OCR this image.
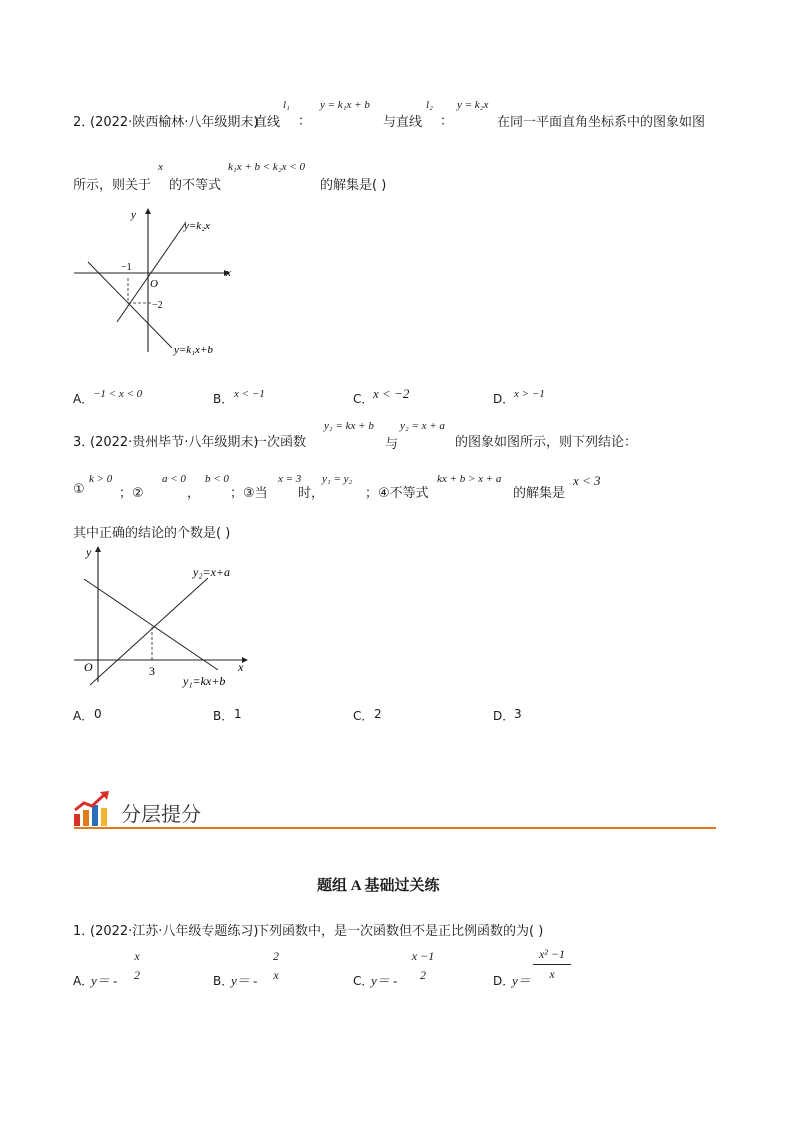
2．
(2022·陕西榆林·八年级期末)
直线
l₁
：
y = k₁x + b
与直线
l₂
：
y = k₂x
在同一平面直角坐标系中的图象如图
所示，则关于
x
的不等式
k₁x + b < k₂x < 0
的解集是( )
y
x
O
−1
−2
y=k₂x
y=k₁x+b
A． −1 < x < 0	B． x < −1	C． x < −2	D． x > −1
3．
(2022·贵州毕节·八年级期末)
一次函数
y₁ = kx + b
与
y₂ = x + a
的图象如图所示，则下列结论：
①
k > 0
；②
a < 0
，
b < 0
；③当
x = 3
时，
y₁ = y₂
；④不等式
kx + b > x + a
的解集是
x < 3
其中正确的结论的个数是( )
y
x
O	3
y₂=x+a
y₁=kx+b
A． 0	B． 1	C． 2	D． 3
分层提分
题组 A 基础过关练
1．
(2022·江苏·八年级专题练习)
下列函数中，是一次函数但不是正比例函数的为( )
A．
y＝ -
x
2	B．
y＝ -
2
x	C．
y＝ -
x −1
2	D．
$y= \frac{\text{x² −1}}{x}$
